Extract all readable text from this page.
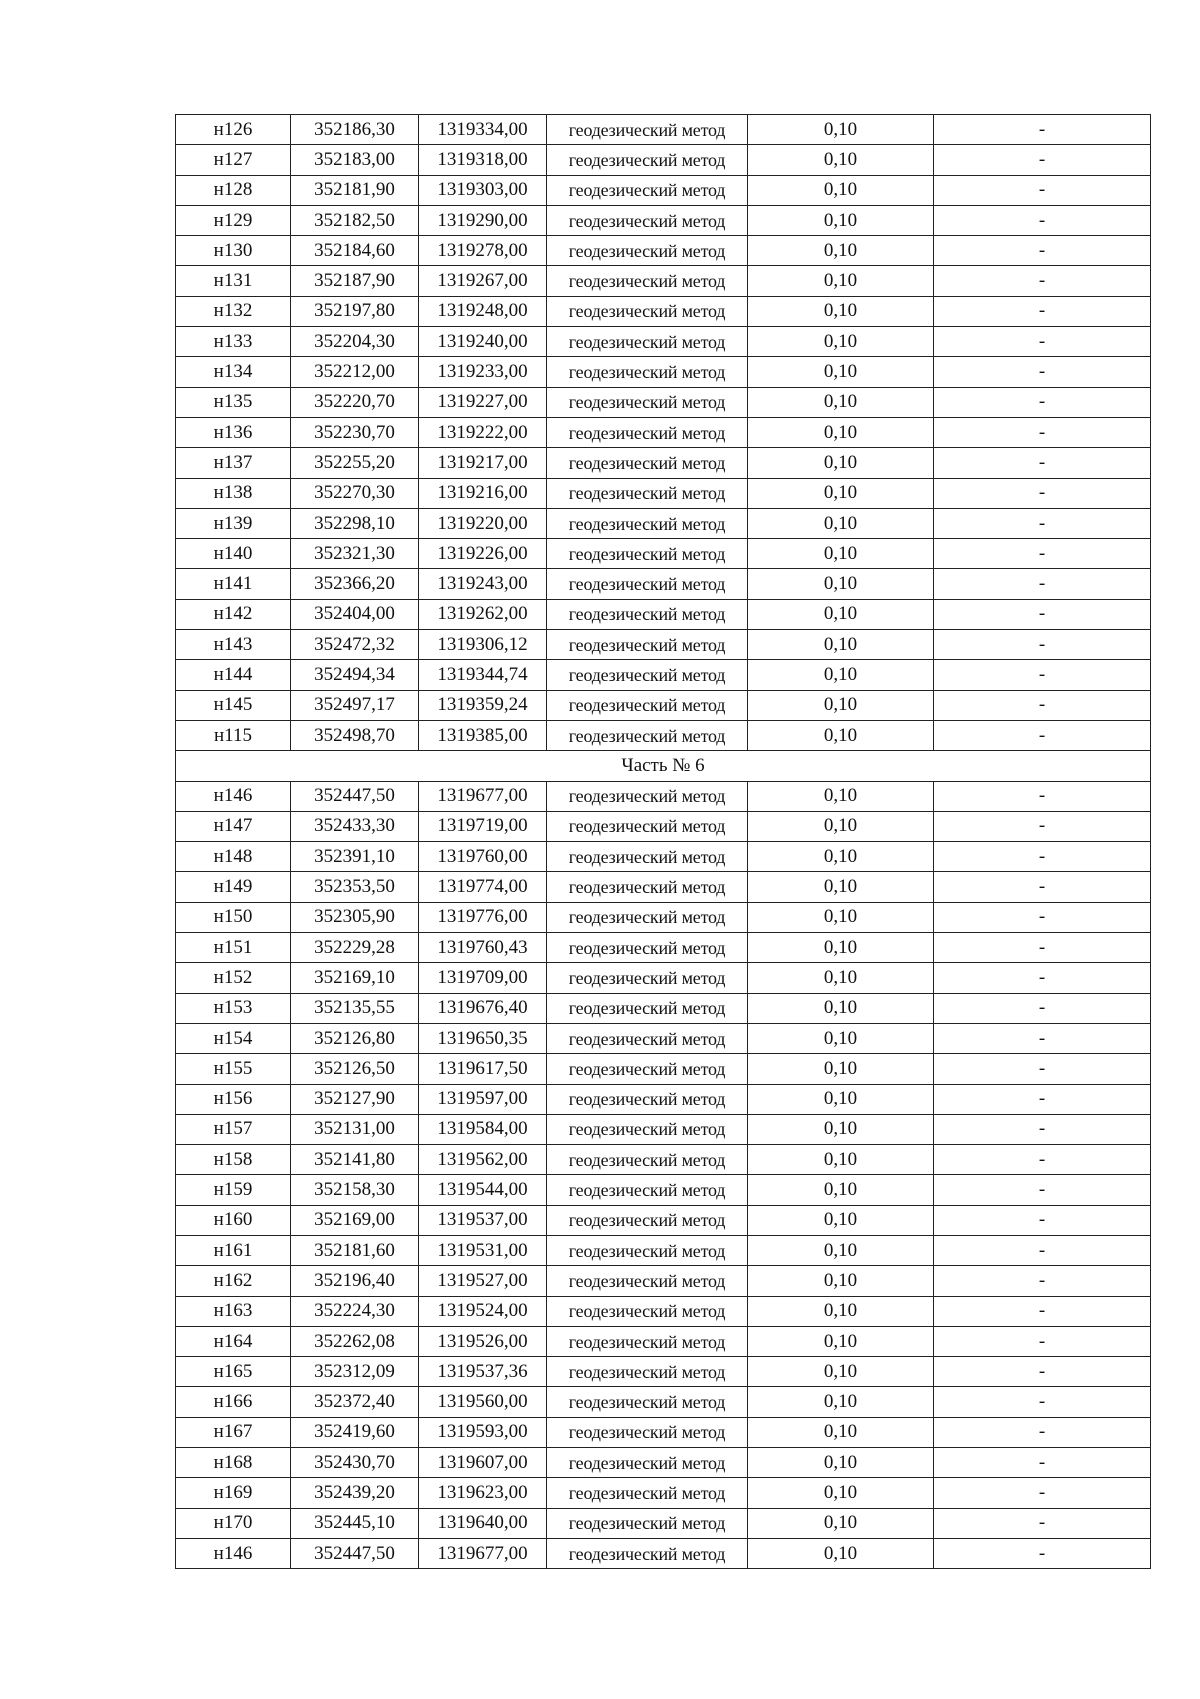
н126	352186,30	1319334,00	геодезический метод	0,10	-
н127	352183,00	1319318,00	геодезический метод	0,10	-
н128	352181,90	1319303,00	геодезический метод	0,10	-
н129	352182,50	1319290,00	геодезический метод	0,10	-
н130	352184,60	1319278,00	геодезический метод	0,10	-
н131	352187,90	1319267,00	геодезический метод	0,10	-
н132	352197,80	1319248,00	геодезический метод	0,10	-
н133	352204,30	1319240,00	геодезический метод	0,10	-
н134	352212,00	1319233,00	геодезический метод	0,10	-
н135	352220,70	1319227,00	геодезический метод	0,10	-
н136	352230,70	1319222,00	геодезический метод	0,10	-
н137	352255,20	1319217,00	геодезический метод	0,10	-
н138	352270,30	1319216,00	геодезический метод	0,10	-
н139	352298,10	1319220,00	геодезический метод	0,10	-
н140	352321,30	1319226,00	геодезический метод	0,10	-
н141	352366,20	1319243,00	геодезический метод	0,10	-
н142	352404,00	1319262,00	геодезический метод	0,10	-
н143	352472,32	1319306,12	геодезический метод	0,10	-
н144	352494,34	1319344,74	геодезический метод	0,10	-
н145	352497,17	1319359,24	геодезический метод	0,10	-
н115	352498,70	1319385,00	геодезический метод	0,10	-
Часть № 6					
н146	352447,50	1319677,00	геодезический метод	0,10	-
н147	352433,30	1319719,00	геодезический метод	0,10	-
н148	352391,10	1319760,00	геодезический метод	0,10	-
н149	352353,50	1319774,00	геодезический метод	0,10	-
н150	352305,90	1319776,00	геодезический метод	0,10	-
н151	352229,28	1319760,43	геодезический метод	0,10	-
н152	352169,10	1319709,00	геодезический метод	0,10	-
н153	352135,55	1319676,40	геодезический метод	0,10	-
н154	352126,80	1319650,35	геодезический метод	0,10	-
н155	352126,50	1319617,50	геодезический метод	0,10	-
н156	352127,90	1319597,00	геодезический метод	0,10	-
н157	352131,00	1319584,00	геодезический метод	0,10	-
н158	352141,80	1319562,00	геодезический метод	0,10	-
н159	352158,30	1319544,00	геодезический метод	0,10	-
н160	352169,00	1319537,00	геодезический метод	0,10	-
н161	352181,60	1319531,00	геодезический метод	0,10	-
н162	352196,40	1319527,00	геодезический метод	0,10	-
н163	352224,30	1319524,00	геодезический метод	0,10	-
н164	352262,08	1319526,00	геодезический метод	0,10	-
н165	352312,09	1319537,36	геодезический метод	0,10	-
н166	352372,40	1319560,00	геодезический метод	0,10	-
н167	352419,60	1319593,00	геодезический метод	0,10	-
н168	352430,70	1319607,00	геодезический метод	0,10	-
н169	352439,20	1319623,00	геодезический метод	0,10	-
н170	352445,10	1319640,00	геодезический метод	0,10	-
н146	352447,50	1319677,00	геодезический метод	0,10	-
